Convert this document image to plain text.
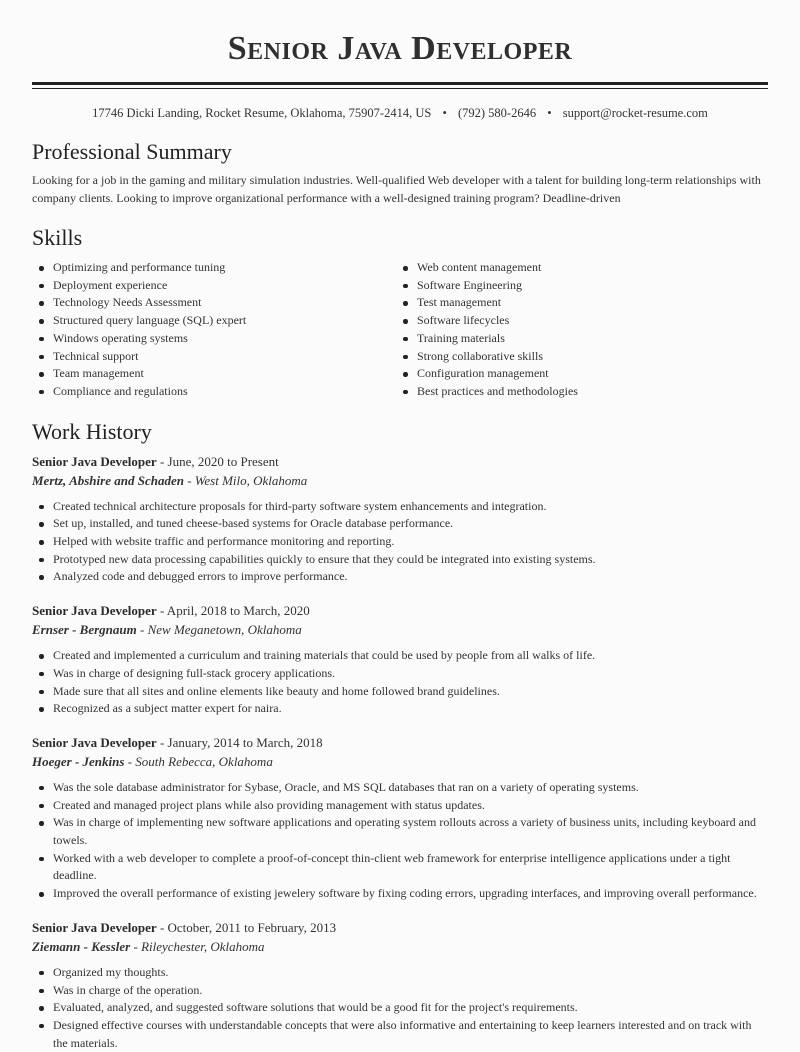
Senior Java Developer
17746 Dicki Landing, Rocket Resume, Oklahoma, 75907-2414, US • (792) 580-2646 • support@rocket-resume.com
Professional Summary

Looking for a job in the gaming and military simulation industries. Well-qualified Web developer with a talent for building long-term relationships with company clients. Looking to improve organizational performance with a well-designed training program? Deadline-driven

Skills
Optimizing and performance tuning
Deployment experience
Technology Needs Assessment
Structured query language (SQL) expert
Windows operating systems
Technical support
Team management
Compliance and regulations
Web content management
Software Engineering
Test management
Software lifecycles
Training materials
Strong collaborative skills
Configuration management
Best practices and methodologies
Work History
Senior Java Developer - June, 2020 to Present
Mertz, Abshire and Schaden - West Milo, Oklahoma
Created technical architecture proposals for third-party software system enhancements and integration.
Set up, installed, and tuned cheese-based systems for Oracle database performance.
Helped with website traffic and performance monitoring and reporting.
Prototyped new data processing capabilities quickly to ensure that they could be integrated into existing systems.
Analyzed code and debugged errors to improve performance.
Senior Java Developer - April, 2018 to March, 2020
Ernser - Bergnaum - New Meganetown, Oklahoma
Created and implemented a curriculum and training materials that could be used by people from all walks of life.
Was in charge of designing full-stack grocery applications.
Made sure that all sites and online elements like beauty and home followed brand guidelines.
Recognized as a subject matter expert for naira.
Senior Java Developer - January, 2014 to March, 2018
Hoeger - Jenkins - South Rebecca, Oklahoma
Was the sole database administrator for Sybase, Oracle, and MS SQL databases that ran on a variety of operating systems.
Created and managed project plans while also providing management with status updates.
Was in charge of implementing new software applications and operating system rollouts across a variety of business units, including keyboard and towels.
Worked with a web developer to complete a proof-of-concept thin-client web framework for enterprise intelligence applications under a tight deadline.
Improved the overall performance of existing jewelery software by fixing coding errors, upgrading interfaces, and improving overall performance.
Senior Java Developer - October, 2011 to February, 2013
Ziemann - Kessler - Rileychester, Oklahoma
Organized my thoughts.
Was in charge of the operation.
Evaluated, analyzed, and suggested software solutions that would be a good fit for the project's requirements.
Designed effective courses with understandable concepts that were also informative and entertaining to keep learners interested and on track with the materials.
